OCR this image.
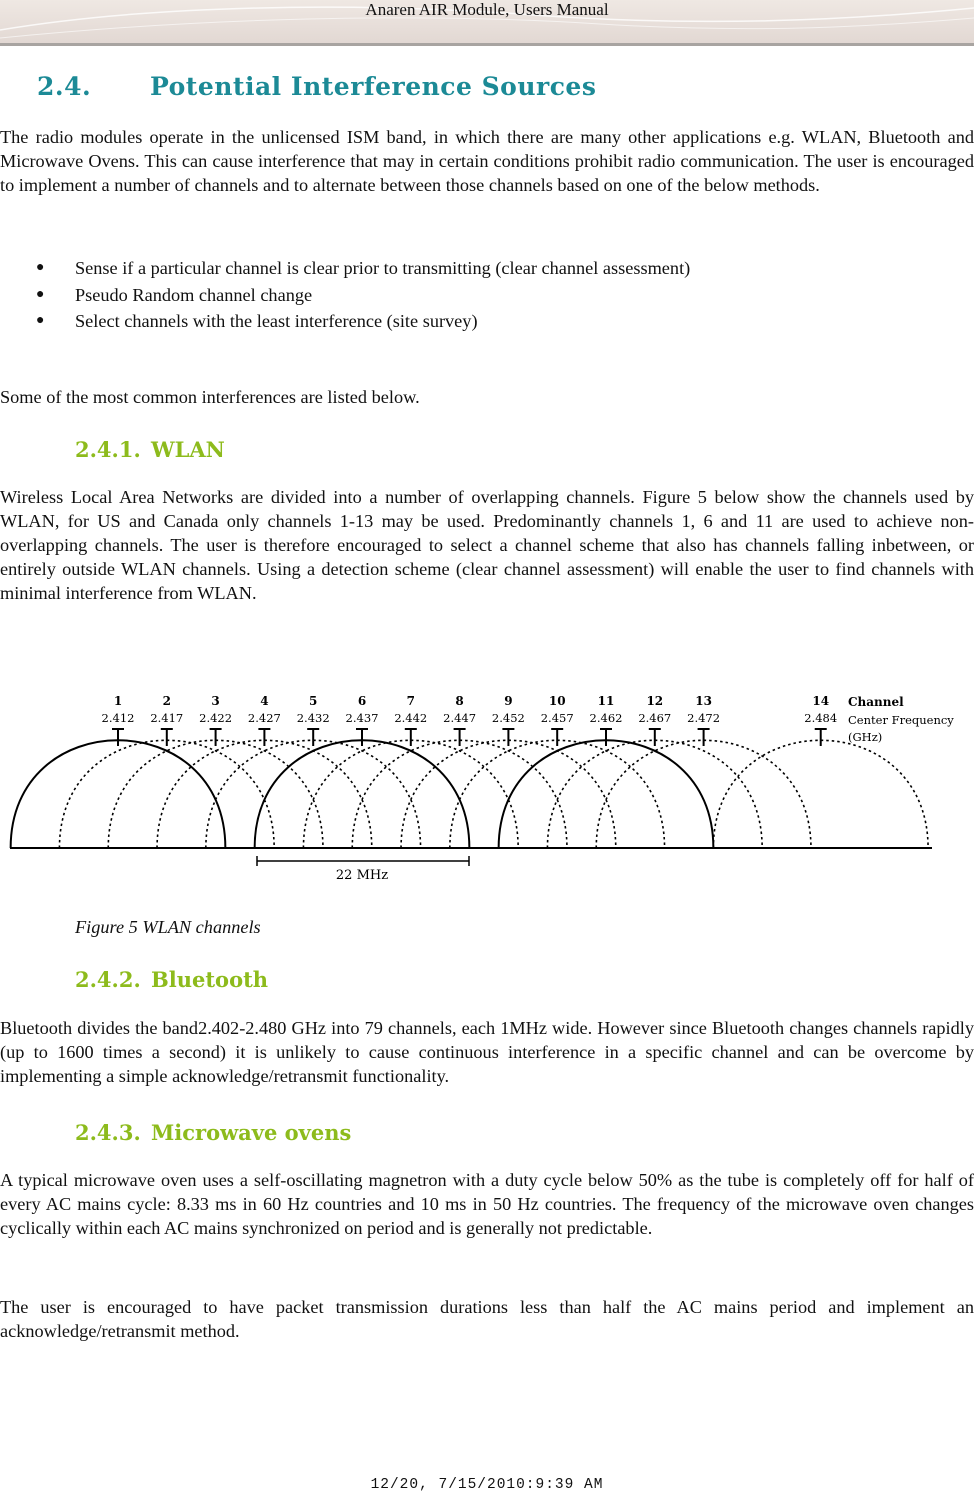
Anaren AIR Module, Users Manual
2.4. Potential Interference Sources

The radio modules operate in the unlicensed ISM band, in which there are many other applications e.g. WLAN, Bluetooth and Microwave Ovens. This can cause interference that may in certain conditions prohibit radio communication. The user is encouraged to implement a number of channels and to alternate between those channels based on one of the below methods.

● Sense if a particular channel is clear prior to transmitting (clear channel assessment)
● Pseudo Random channel change
● Select channels with the least interference (site survey)

Some of the most common interferences are listed below.

2.4.1. WLAN

Wireless Local Area Networks are divided into a number of overlapping channels. Figure 5 below show the channels used by WLAN, for US and Canada only channels 1-13 may be used. Predominantly channels 1, 6 and 11 are used to achieve non-overlapping channels. The user is therefore encouraged to select a channel scheme that also has channels falling inbetween, or entirely outside WLAN channels. Using a detection scheme (clear channel assessment) will enable the user to find channels with minimal interference from WLAN.

1
2.412
2
2.417
3
2.422
4
2.427
5
2.432
6
2.437
7
2.442
8
2.447
9
2.452
10
2.457
11
2.462
12
2.467
13
2.472
14
2.484
22 MHz
Channel
Center Frequency
(GHz)
Figure 5 WLAN channels
2.4.2. Bluetooth

Bluetooth divides the band2.402-2.480 GHz into 79 channels, each 1MHz wide. However since Bluetooth changes channels rapidly (up to 1600 times a second) it is unlikely to cause continuous interference in a specific channel and can be overcome by implementing a simple acknowledge/retransmit functionality.

2.4.3. Microwave ovens

A typical microwave oven uses a self-oscillating magnetron with a duty cycle below 50% as the tube is completely off for half of every AC mains cycle: 8.33 ms in 60 Hz countries and 10 ms in 50 Hz countries. The frequency of the microwave oven changes cyclically within each AC mains synchronized on period and is generally not predictable.

The user is encouraged to have packet transmission durations less than half the AC mains period and implement an acknowledge/retransmit method.

12/20, 7/15/2010:9:39 AM
